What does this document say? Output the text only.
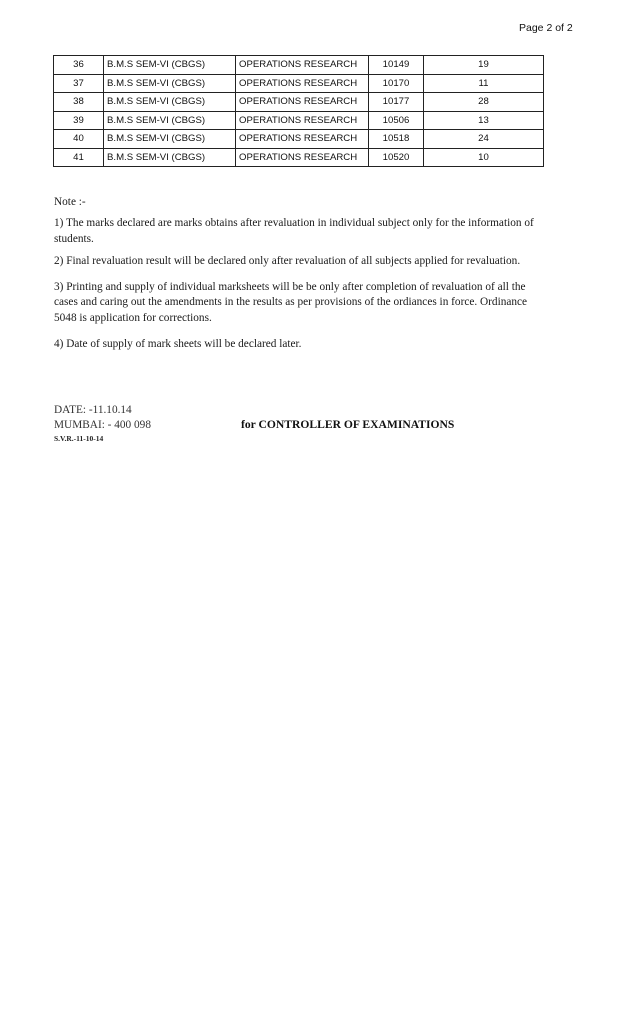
Page 2 of 2
36	B.M.S SEM-VI (CBGS)	OPERATIONS RESEARCH	10149	19
37	B.M.S SEM-VI (CBGS)	OPERATIONS RESEARCH	10170	11
38	B.M.S SEM-VI (CBGS)	OPERATIONS RESEARCH	10177	28
39	B.M.S SEM-VI (CBGS)	OPERATIONS RESEARCH	10506	13
40	B.M.S SEM-VI (CBGS)	OPERATIONS RESEARCH	10518	24
41	B.M.S SEM-VI (CBGS)	OPERATIONS RESEARCH	10520	10

Note :-

1) The marks declared are marks obtains after revaluation in individual subject only for the information of students.

2) Final revaluation result will be declared only after revaluation of all subjects applied for revaluation.

3) Printing and supply of individual marksheets will be be only after completion of revaluation of all the cases and caring out the amendments in the results as per provisions of the ordiances in force. Ordinance 5048 is application for corrections.

4) Date of supply of mark sheets will be declared later.

DATE: -11.10.14
MUMBAI: - 400 098	for CONTROLLER OF EXAMINATIONS
S.V.R.-11-10-14
